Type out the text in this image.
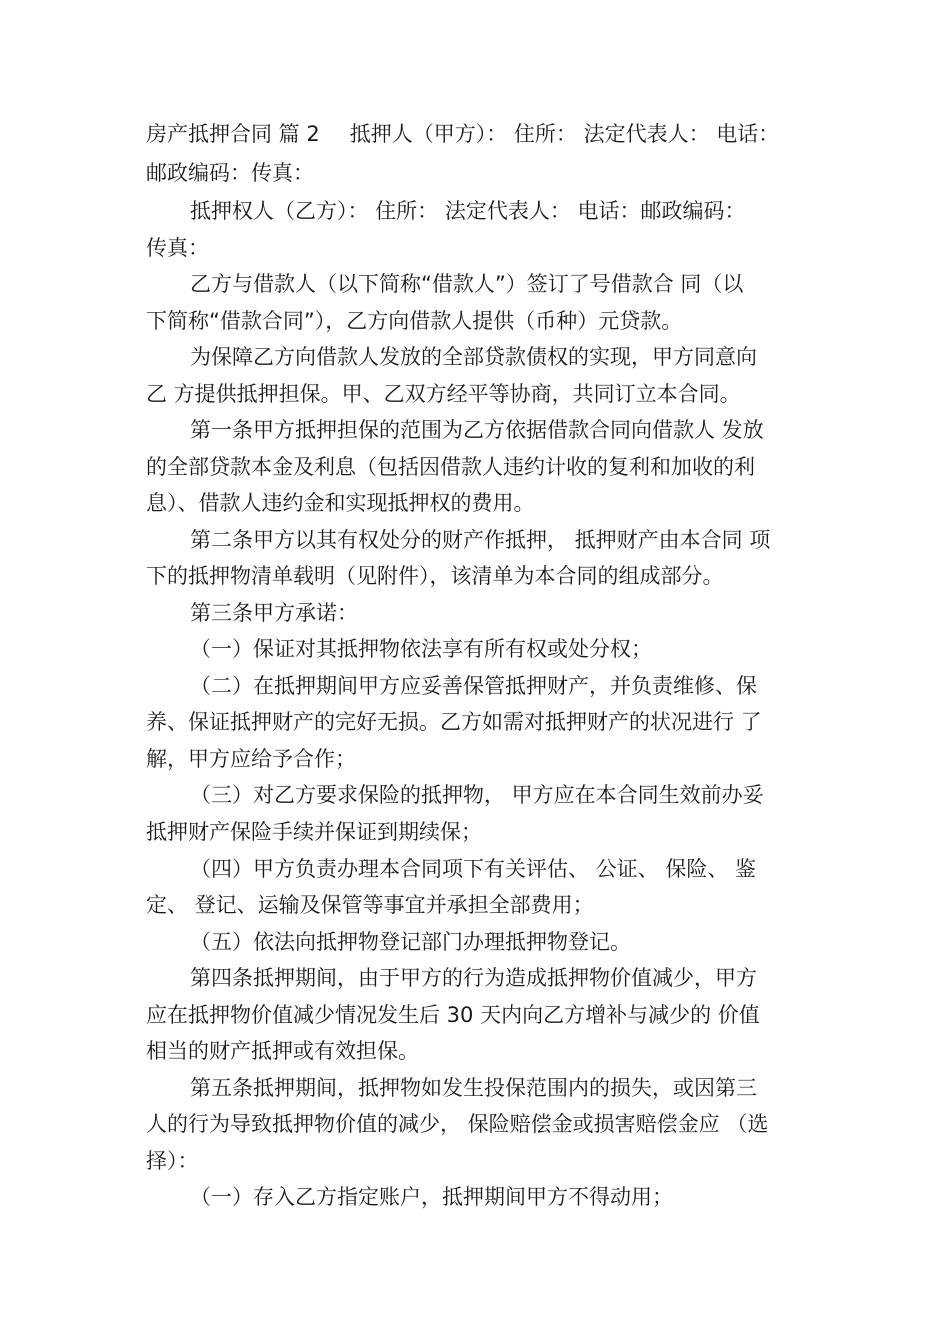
房产抵押合同 篇 2 抵押人（甲方）： 住所： 法定代表人： 电话：
邮政编码：传真：
抵押权人（乙方）： 住所： 法定代表人： 电话：邮政编码：
传真：
乙方与借款人（以下简称“借款人”）签订了号借款合 同（以
下简称“借款合同”），乙方向借款人提供（币种）元贷款。
为保障乙方向借款人发放的全部贷款债权的实现，甲方同意向
乙 方提供抵押担保。甲、乙双方经平等协商，共同订立本合同。
第一条甲方抵押担保的范围为乙方依据借款合同向借款人 发放
的全部贷款本金及利息（包括因借款人违约计收的复利和加收的利
息）、借款人违约金和实现抵押权的费用。
第二条甲方以其有权处分的财产作抵押， 抵押财产由本合同 项
下的抵押物清单载明（见附件），该清单为本合同的组成部分。
第三条甲方承诺：
（一）保证对其抵押物依法享有所有权或处分权；
（二）在抵押期间甲方应妥善保管抵押财产，并负责维修、保
养、保证抵押财产的完好无损。乙方如需对抵押财产的状况进行 了
解，甲方应给予合作；
（三）对乙方要求保险的抵押物， 甲方应在本合同生效前办妥
抵押财产保险手续并保证到期续保；
（四）甲方负责办理本合同项下有关评估、 公证、 保险、 鉴
定、 登记、运输及保管等事宜并承担全部费用；
（五）依法向抵押物登记部门办理抵押物登记。
第四条抵押期间，由于甲方的行为造成抵押物价值减少，甲方
应在抵押物价值减少情况发生后 30 天内向乙方增补与减少的 价值
相当的财产抵押或有效担保。
第五条抵押期间，抵押物如发生投保范围内的损失，或因第三
人的行为导致抵押物价值的减少， 保险赔偿金或损害赔偿金应 （选
择）：
（一）存入乙方指定账户，抵押期间甲方不得动用；
